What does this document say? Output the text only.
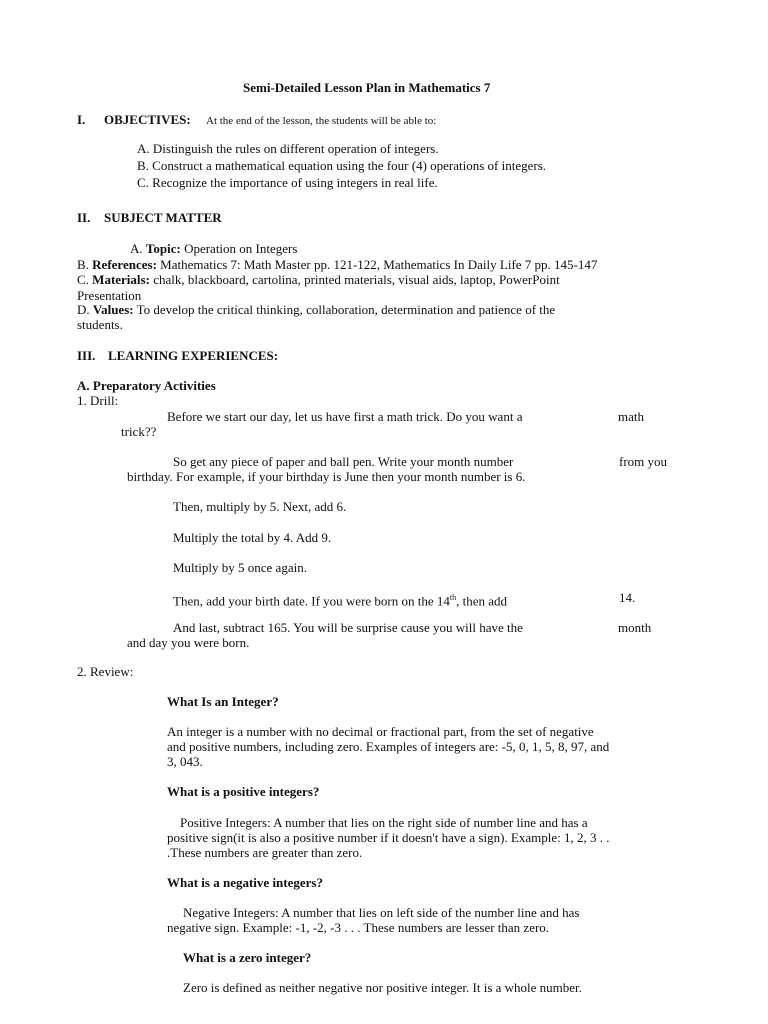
Semi-Detailed Lesson Plan in Mathematics 7
I. OBJECTIVES: At the end of the lesson, the students will be able to:
A. Distinguish the rules on different operation of integers.
B. Construct a mathematical equation using the four (4) operations of integers.
C. Recognize the importance of using integers in real life.
II. SUBJECT MATTER
A. Topic: Operation on Integers
B. References: Mathematics 7: Math Master pp. 121-122, Mathematics In Daily Life 7 pp. 145-147
C. Materials: chalk, blackboard, cartolina, printed materials, visual aids, laptop, PowerPoint
Presentation
D. Values: To develop the critical thinking, collaboration, determination and patience of the
students.
III. LEARNING EXPERIENCES:
A. Preparatory Activities
1. Drill:
Before we start our day, let us have first a math trick. Do you want a	math
trick??
So get any piece of paper and ball pen. Write your month number	from you
birthday. For example, if your birthday is June then your month number is 6.
Then, multiply by 5. Next, add 6.
Multiply the total by 4. Add 9.
Multiply by 5 once again.
Then, add your birth date. If you were born on the 14th, then add	14.
And last, subtract 165. You will be surprise cause you will have the	month
and day you were born.
2. Review:
What Is an Integer?
An integer is a number with no decimal or fractional part, from the set of negative
and positive numbers, including zero. Examples of integers are: -5, 0, 1, 5, 8, 97, and
3, 043.
What is a positive integers?
Positive Integers: A number that lies on the right side of number line and has a
positive sign(it is also a positive number if it doesn't have a sign). Example: 1, 2, 3 . .
.These numbers are greater than zero.
What is a negative integers?
Negative Integers: A number that lies on left side of the number line and has
negative sign. Example: -1, -2, -3 . . . These numbers are lesser than zero.
What is a zero integer?
Zero is defined as neither negative nor positive integer. It is a whole number.
